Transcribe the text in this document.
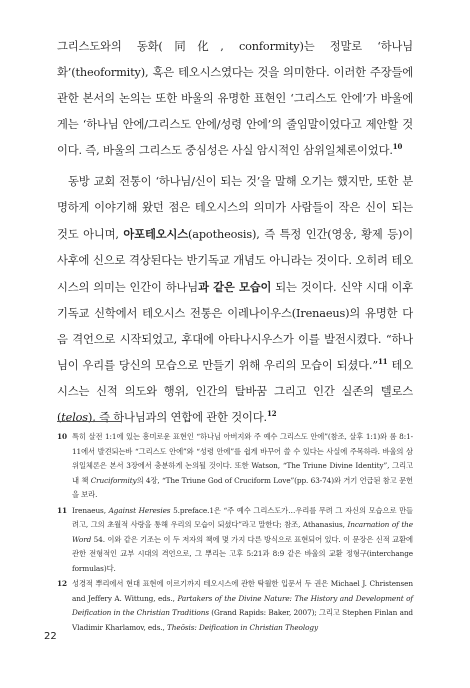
그리스도와의 동화(同化, conformity)는 정말로 ‘하나님화’(theoformity), 혹은 테오시스였다는 것을 의미한다. 이러한 주장들에 관한 본서의 논의는 또한 바울의 유명한 표현인 ‘그리스도 안에’가 바울에게는 ‘하나님 안에/그리스도 안에/성령 안에’의 줄임말이었다고 제안할 것이다. 즉, 바울의 그리스도 중심성은 사실 암시적인 삼위일체론이었다.$^{10}$

동방 교회 전통이 ‘하나님/신이 되는 것’을 말해 오기는 했지만, 또한 분명하게 이야기해 왔던 점은 테오시스의 의미가 사람들이 작은 신이 되는 것도 아니며, 아포테오시스(apotheosis), 즉 특정 인간(영웅, 황제 등)이 사후에 신으로 격상된다는 반기독교 개념도 아니라는 것이다. 오히려 테오시스의 의미는 인간이 하나님과 같은 모습이 되는 것이다. 신약 시대 이후 기독교 신학에서 테오시스 전통은 이레나이우스(Irenaeus)의 유명한 다음 격언으로 시작되었고, 후대에 아타나시우스가 이를 발전시켰다. “하나님이 우리를 당신의 모습으로 만들기 위해 우리의 모습이 되셨다.”$^{11}$ 테오시스는 신적 의도와 행위, 인간의 탈바꿈 그리고 인간 실존의 텔로스(telos), 즉 하나님과의 연합에 관한 것이다.$^{12}$

10 특히 살전 1:1에 있는 흥미로운 표현인 “하나님 아버지와 주 예수 그리스도 안에”(참조, 살후 1:1)와 롬 8:1-11에서 발견되는바 “그리스도 안에”와 “성령 안에”를 쉽게 바꾸어 쓸 수 있다는 사실에 주목하라. 바울의 삼위일체론은 본서 3장에서 충분하게 논의될 것이다. 또한 Watson, “The Triune Divine Identity”, 그리고 내 책 Cruciformity의 4장, “The Triune God of Cruciform Love”(pp. 63-74)와 거기 언급된 참고 문헌을 보라.
11 Irenaeus, Against Heresies 5.preface.1은 “주 예수 그리스도가…우리를 무려 그 자신의 모습으로 만들려고, 그의 초월적 사랑을 통해 우리의 모습이 되셨다”라고 말한다; 참조, Athanasius, Incarnation of the Word 54. 이와 같은 기조는 이 두 저자의 책에 몇 가지 다른 방식으로 표현되어 있다. 이 문장은 신적 교환에 관한 전형적인 교부 시대의 격언으로, 그 뿌리는 고후 5:21과 8:9 같은 바울의 교환 정형구(interchange formulas)다.
12 성경적 뿌리에서 현대 표현에 이르기까지 테오시스에 관한 탁월한 입문서 두 권은 Michael J. Christensen and Jeffery A. Wittung, eds., Partakers of the Divine Nature: The History and Development of Deification in the Christian Traditions (Grand Rapids: Baker, 2007); 그리고 Stephen Finlan and Vladimir Kharlamov, eds., Theōsis: Deification in Christian Theology
22
